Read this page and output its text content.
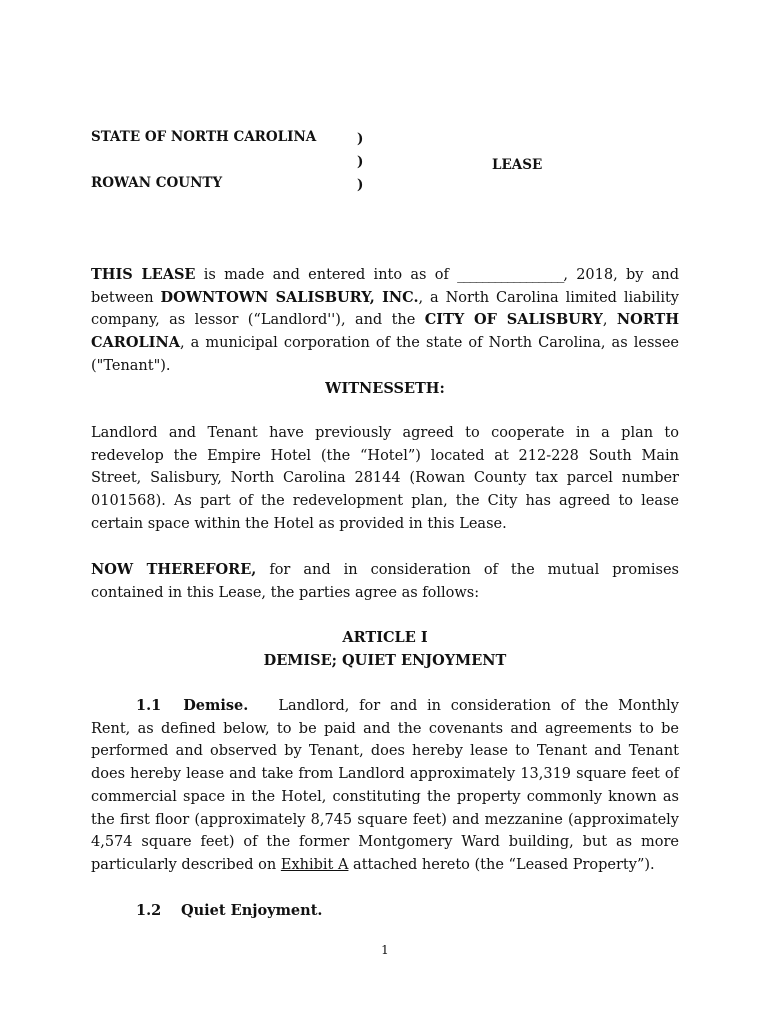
STATE OF NORTH CAROLINA
ROWAN COUNTY
)
)
)
LEASE
THIS LEASE is made and entered into as of _________________, 2018, by and between DOWNTOWN SALISBURY, INC., a North Carolina limited liability company, as lessor (“Landlord''), and the CITY OF SALISBURY, NORTH CAROLINA, a municipal corporation of the state of North Carolina, as lessee ("Tenant").
WITNESSETH:
Landlord and Tenant have previously agreed to cooperate in a plan to redevelop the Empire Hotel (the “Hotel”) located at 212-228 South Main Street, Salisbury, North Carolina 28144 (Rowan County tax parcel number 0101568). As part of the redevelopment plan, the City has agreed to lease certain space within the Hotel as provided in this Lease.
NOW THEREFORE, for and in consideration of the mutual promises contained in this Lease, the parties agree as follows:
ARTICLE I
DEMISE; QUIET ENJOYMENT
1.1 Demise. Landlord, for and in consideration of the Monthly Rent, as defined below, to be paid and the covenants and agreements to be performed and observed by Tenant, does hereby lease to Tenant and Tenant does hereby lease and take from Landlord approximately 13,319 square feet of commercial space in the Hotel, constituting the property commonly known as the first floor (approximately 8,745 square feet) and mezzanine (approximately 4,574 square feet) of the former Montgomery Ward building, but as more particularly described on Exhibit A attached hereto (the “Leased Property”).
1.2 Quiet Enjoyment.
1
